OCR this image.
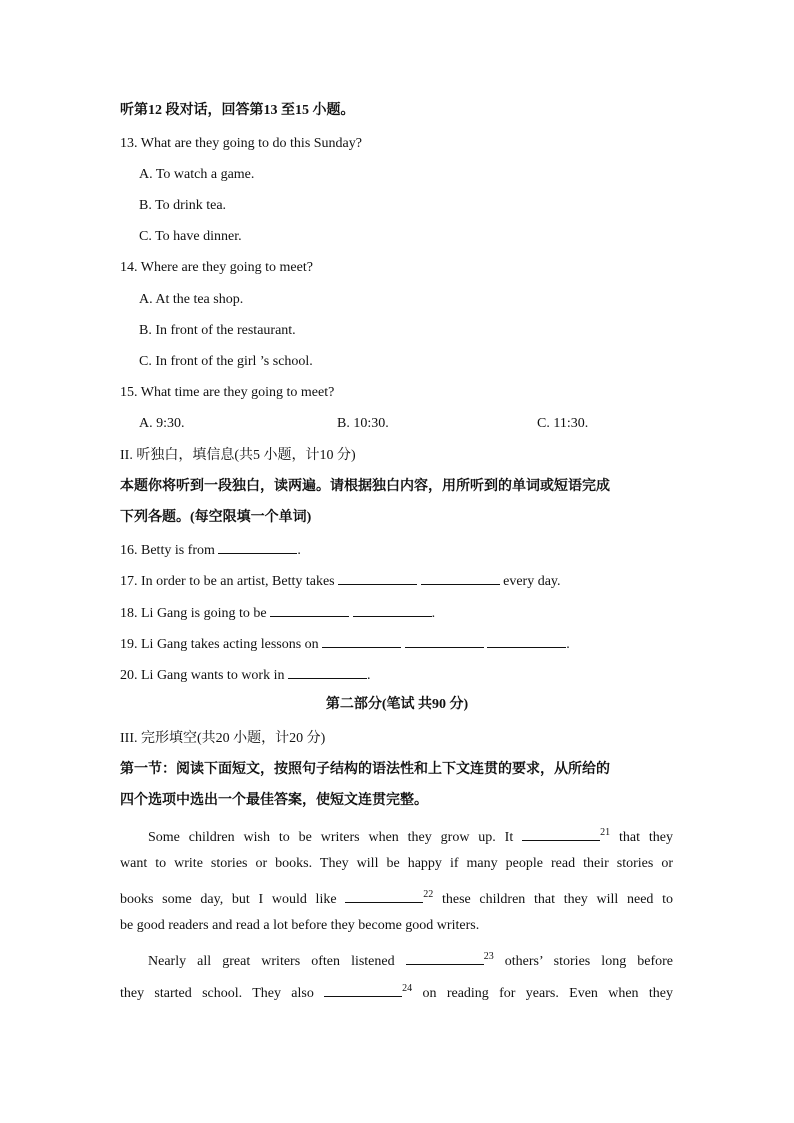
听第12 段对话，回答第13 至15 小题。
13. What are they going to do this Sunday?
A. To watch a game.
B. To drink tea.
C. To have dinner.
14. Where are they going to meet?
A. At the tea shop.
B. In front of the restaurant.
C. In front of the girl ’s school.
15. What time are they going to meet?
A. 9:30.	B. 10:30.	C. 11:30.
II. 听独白，填信息(共5 小题，计10 分)
本题你将听到一段独白，读两遍。请根据独白内容，用所听到的单词或短语完成
下列各题。(每空限填一个单词)
16. Betty is from	.
17. In order to be an artist, Betty takes	every day.
18. Li Gang is going to be	.
19. Li Gang takes acting lessons on	.
20. Li Gang wants to work in	.
第二部分(笔试 共90 分)
III. 完形填空(共20 小题，计20 分)
第一节：阅读下面短文，按照句子结构的语法性和上下文连贯的要求，从所给的
四个选项中选出一个最佳答案，使短文连贯完整。
Some children wish to be writers when they grow up. It	$^{21}$ that they
want to write stories or books. They will be happy if many people read their stories or
books some day, but I would like	$^{22}$ these children that they will need to
be good readers and read a lot before they become good writers.
Nearly all great writers often listened	$^{23}$ others’ stories long before
they started school. They also	$^{24}$ on reading for years. Even when they
